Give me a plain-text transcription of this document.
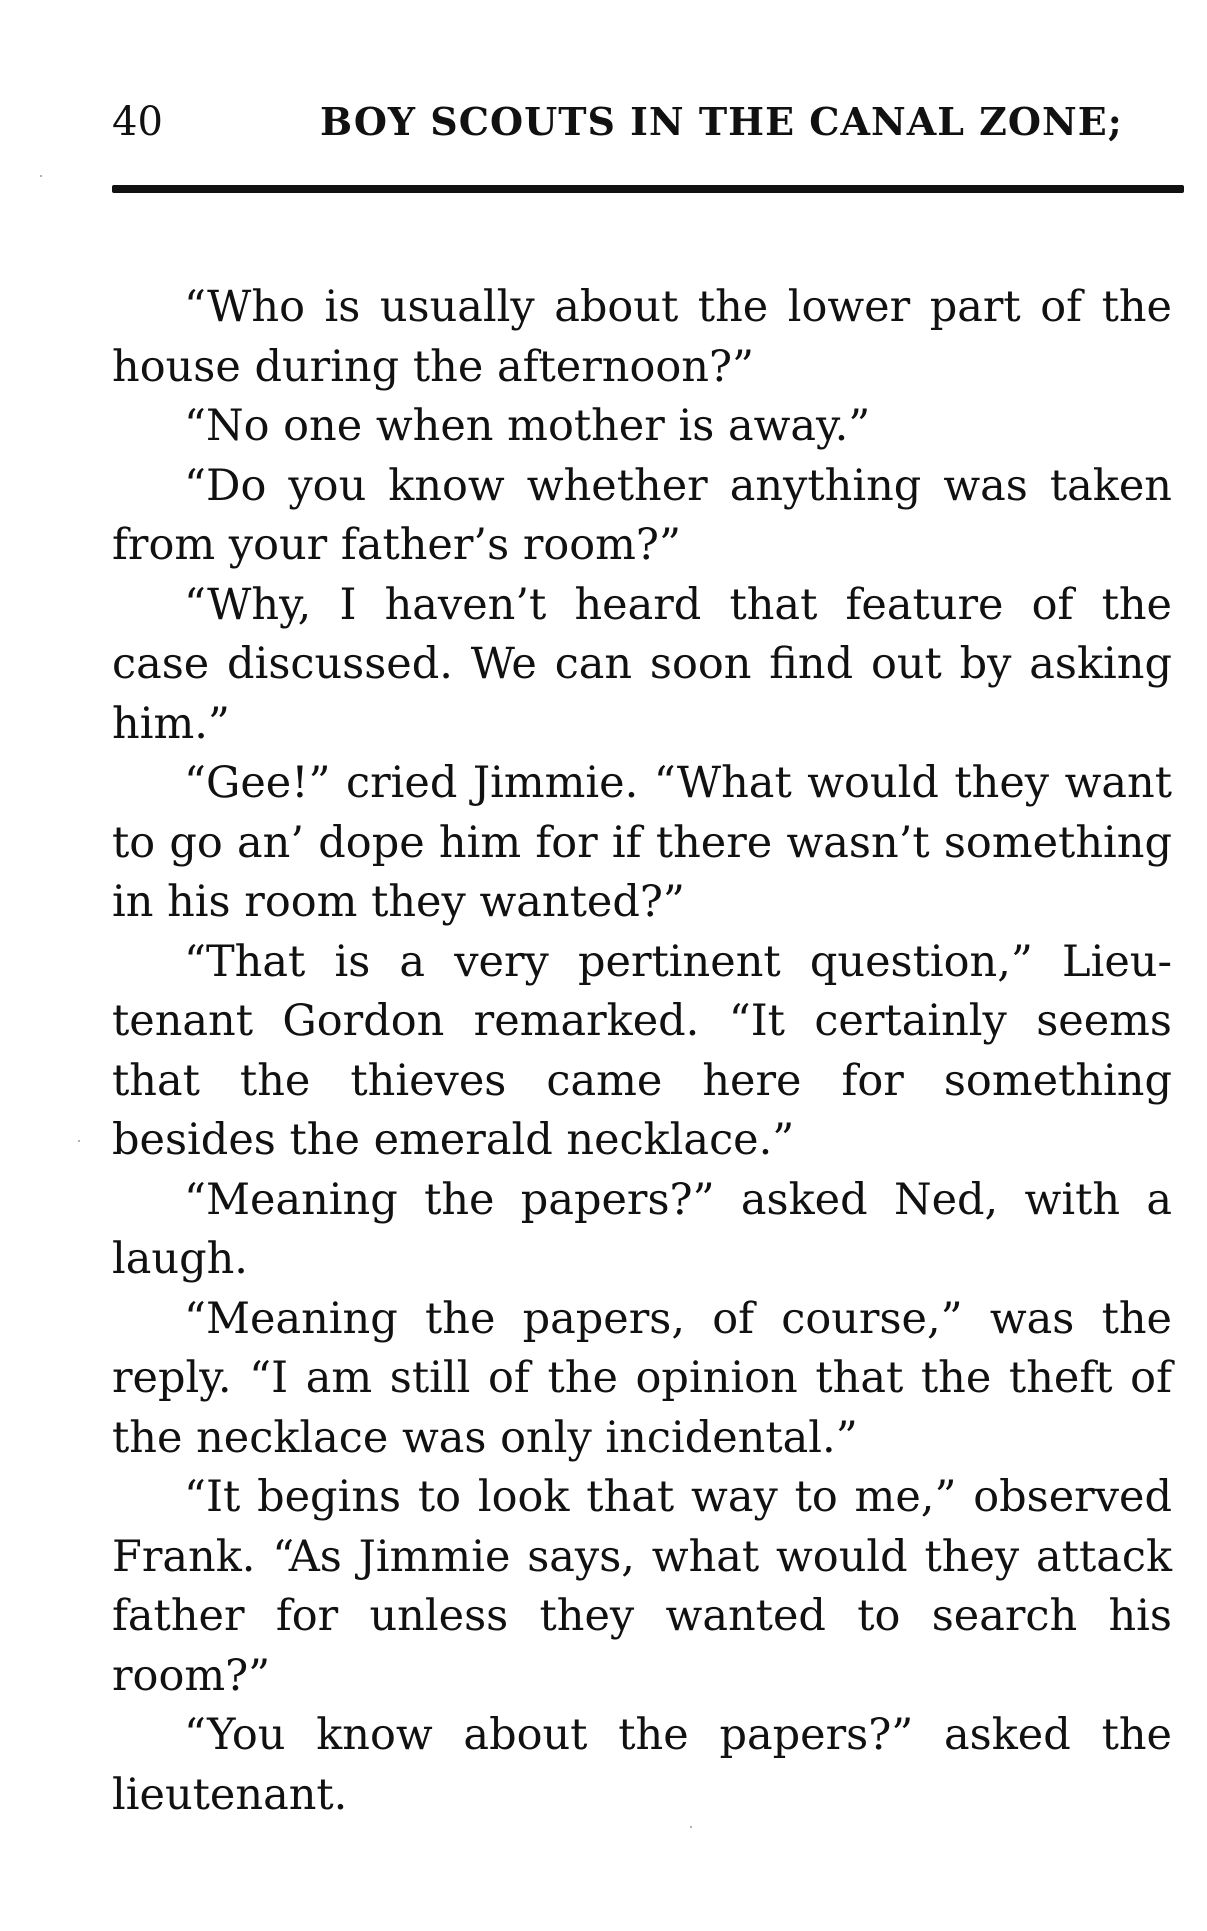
40	BOY SCOUTS IN THE CANAL ZONE;

“Who is usually about the lower part of the house during the afternoon?”

“No one when mother is away.”

“Do you know whether anything was taken from your father’s room?”

“Why, I haven’t heard that feature of the case discussed. We can soon find out by asking him.”

“Gee!” cried Jimmie. “What would they want to go an’ dope him for if there wasn’t something in his room they wanted?”

“That is a very pertinent question,” Lieutenant Gordon remarked. “It certainly seems that the thieves came here for something besides the emerald necklace.”

“Meaning the papers?” asked Ned, with a laugh.

“Meaning the papers, of course,” was the reply. “I am still of the opinion that the theft of the necklace was only incidental.”

“It begins to look that way to me,” observed Frank. “As Jimmie says, what would they attack father for unless they wanted to search his room?”

“You know about the papers?” asked the lieutenant.
